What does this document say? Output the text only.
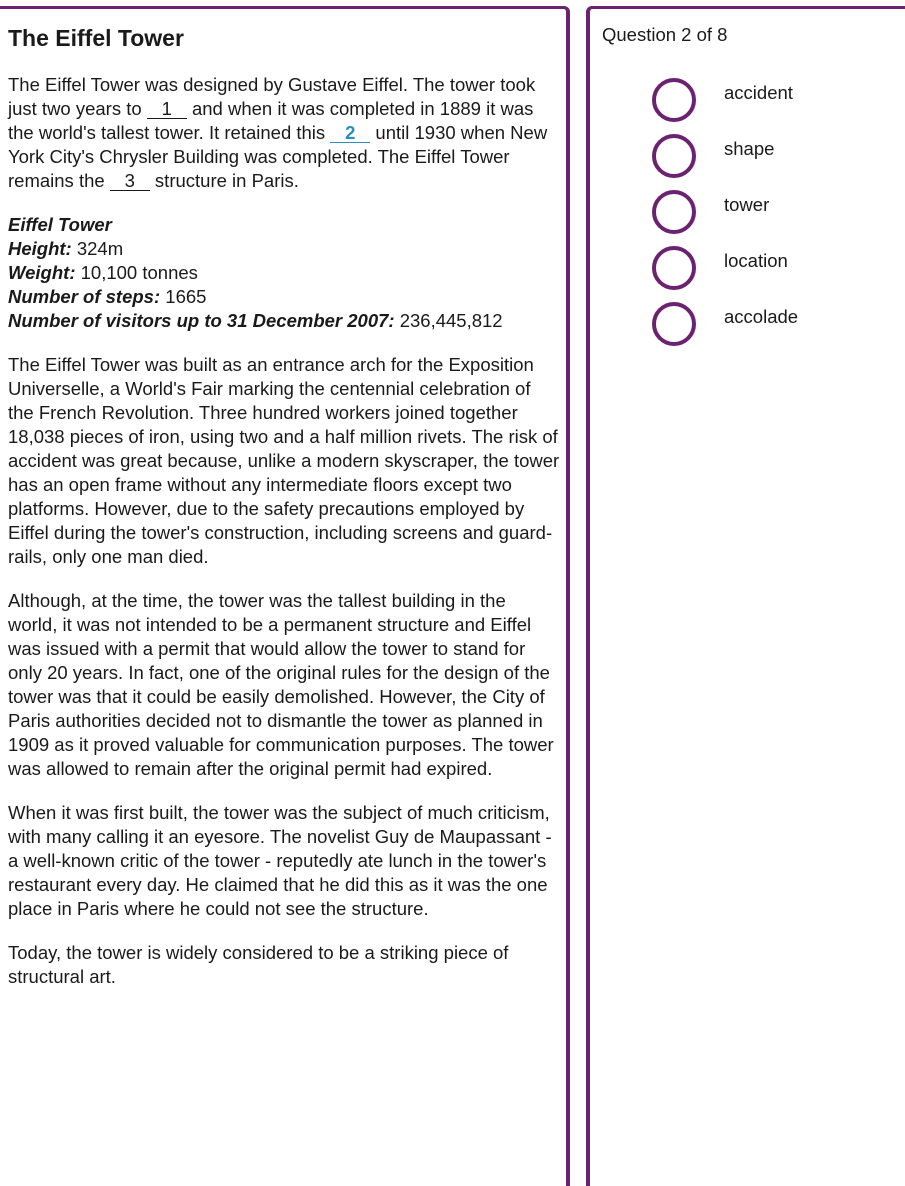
The Eiffel Tower

The Eiffel Tower was designed by Gustave Eiffel. The tower took just two years to 1 and when it was completed in 1889 it was the world's tallest tower. It retained this 2 until 1930 when New York City's Chrysler Building was completed. The Eiffel Tower remains the 3 structure in Paris.

Eiffel Tower
Height: 324m
Weight: 10,100 tonnes
Number of steps: 1665
Number of visitors up to 31 December 2007: 236,445,812

The Eiffel Tower was built as an entrance arch for the Exposition Universelle, a World's Fair marking the centennial celebration of the French Revolution. Three hundred workers joined together 18,038 pieces of iron, using two and a half million rivets. The risk of accident was great because, unlike a modern skyscraper, the tower has an open frame without any intermediate floors except two platforms. However, due to the safety precautions employed by Eiffel during the tower's construction, including screens and guard-rails, only one man died.

Although, at the time, the tower was the tallest building in the world, it was not intended to be a permanent structure and Eiffel was issued with a permit that would allow the tower to stand for only 20 years. In fact, one of the original rules for the design of the tower was that it could be easily demolished. However, the City of Paris authorities decided not to dismantle the tower as planned in 1909 as it proved valuable for communication purposes. The tower was allowed to remain after the original permit had expired.

When it was first built, the tower was the subject of much criticism, with many calling it an eyesore. The novelist Guy de Maupassant - a well-known critic of the tower - reputedly ate lunch in the tower's restaurant every day. He claimed that he did this as it was the one place in Paris where he could not see the structure.

Today, the tower is widely considered to be a striking piece of structural art.

Question 2 of 8
accident
shape
tower
location
accolade
